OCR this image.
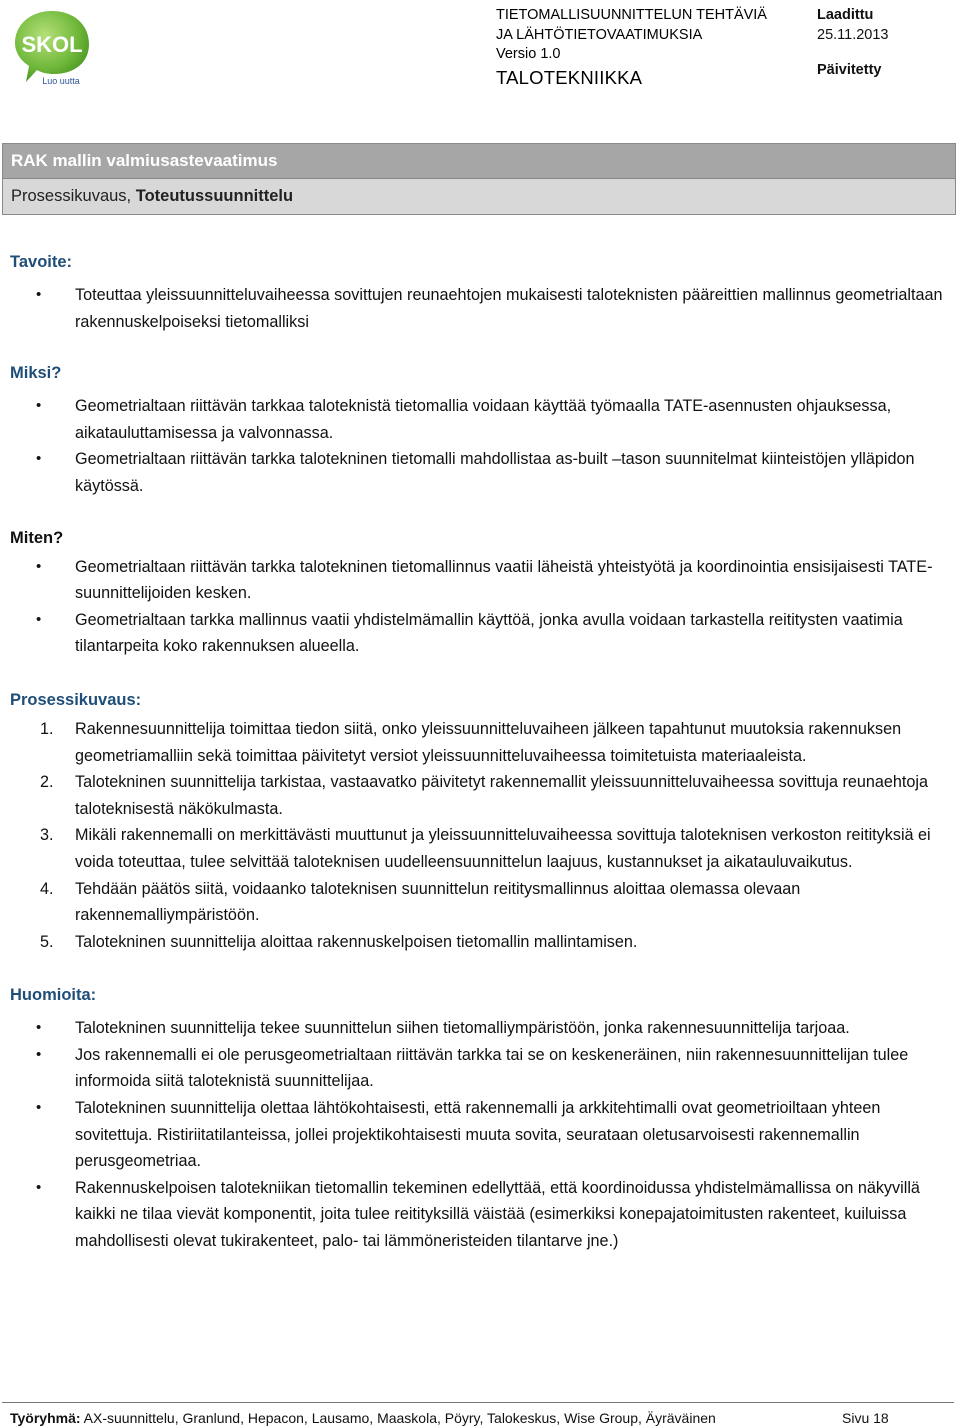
SKOL
Luo uutta
TIETOMALLISUUNNITTELUN TEHTÄVIÄ
JA LÄHTÖTIETOVAATIMUKSIA
Versio 1.0
TALOTEKNIIKKA
Laadittu
25.11.2013
Päivitetty
RAK mallin valmiusastevaatimus
Prosessikuvaus, Toteutussuunnittelu
Tavoite:
• Toteuttaa yleissuunnitteluvaiheessa sovittujen reunaehtojen mukaisesti taloteknisten pääreittien mallinnus geometrialtaan rakennuskelpoiseksi tietomalliksi
Miksi?
• Geometrialtaan riittävän tarkkaa taloteknistä tietomallia voidaan käyttää työmaalla TATE-asennusten ohjauksessa, aikatauluttamisessa ja valvonnassa.
• Geometrialtaan riittävän tarkka talotekninen tietomalli mahdollistaa as-built –tason suunnitelmat kiinteistöjen ylläpidon käytössä.
Miten?
• Geometrialtaan riittävän tarkka talotekninen tietomallinnus vaatii läheistä yhteistyötä ja koordinointia ensisijaisesti TATE-suunnittelijoiden kesken.
• Geometrialtaan tarkka mallinnus vaatii yhdistelmämallin käyttöä, jonka avulla voidaan tarkastella reititysten vaatimia tilantarpeita koko rakennuksen alueella.
Prosessikuvaus:
1. Rakennesuunnittelija toimittaa tiedon siitä, onko yleissuunnitteluvaiheen jälkeen tapahtunut muutoksia rakennuksen geometriamalliin sekä toimittaa päivitetyt versiot yleissuunnitteluvaiheessa toimitetuista materiaaleista.
2. Talotekninen suunnittelija tarkistaa, vastaavatko päivitetyt rakennemallit yleissuunnitteluvaiheessa sovittuja reunaehtoja taloteknisestä näkökulmasta.
3. Mikäli rakennemalli on merkittävästi muuttunut ja yleissuunnitteluvaiheessa sovittuja taloteknisen verkoston reitityksiä ei voida toteuttaa, tulee selvittää taloteknisen uudelleensuunnittelun laajuus, kustannukset ja aikatauluvaikutus.
4. Tehdään päätös siitä, voidaanko taloteknisen suunnittelun reititysmallinnus aloittaa olemassa olevaan rakennemalliympäristöön.
5. Talotekninen suunnittelija aloittaa rakennuskelpoisen tietomallin mallintamisen.
Huomioita:
• Talotekninen suunnittelija tekee suunnittelun siihen tietomalliympäristöön, jonka rakennesuunnittelija tarjoaa.
• Jos rakennemalli ei ole perusgeometrialtaan riittävän tarkka tai se on keskeneräinen, niin rakennesuunnittelijan tulee informoida siitä taloteknistä suunnittelijaa.
• Talotekninen suunnittelija olettaa lähtökohtaisesti, että rakennemalli ja arkkitehtimalli ovat geometrioiltaan yhteen sovitettuja. Ristiriitatilanteissa, jollei projektikohtaisesti muuta sovita, seurataan oletusarvoisesti rakennemallin perusgeometriaa.
• Rakennuskelpoisen talotekniikan tietomallin tekeminen edellyttää, että koordinoidussa yhdistelmämallissa on näkyvillä kaikki ne tilaa vievät komponentit, joita tulee reitityksillä väistää (esimerkiksi konepajatoimitusten rakenteet, kuiluissa mahdollisesti olevat tukirakenteet, palo- tai lämmöneristeiden tilantarve jne.)
Työryhmä: AX-suunnittelu, Granlund, Hepacon, Lausamo, Maaskola, Pöyry, Talokeskus, Wise Group, Äyräväinen	Sivu 18
